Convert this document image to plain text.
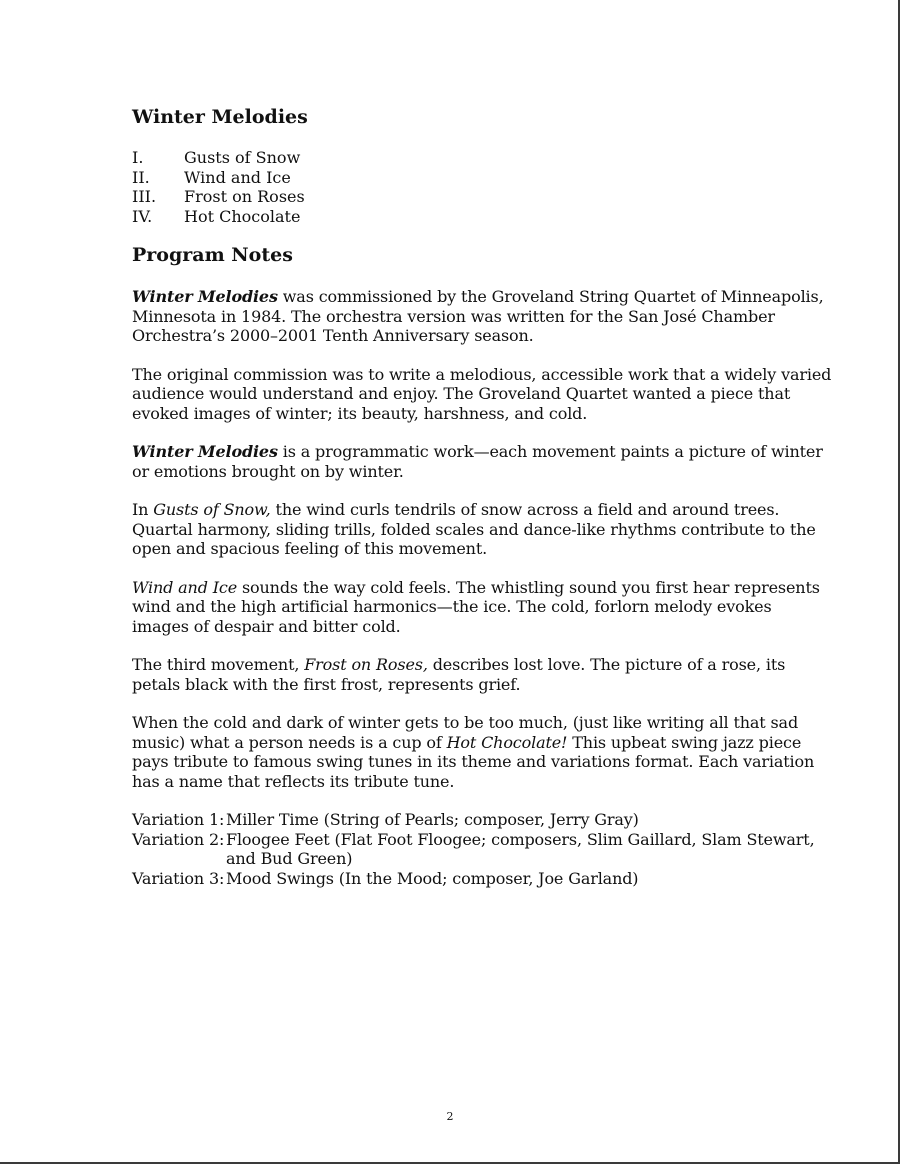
Winter Melodies
I.	Gusts of Snow
II.	Wind and Ice
III.	Frost on Roses
IV.	Hot Chocolate
Program Notes

Winter Melodies was commissioned by the Groveland String Quartet of Minneapolis, Minnesota in 1984. The orchestra version was written for the San José Chamber Orchestra’s 2000–2001 Tenth Anniversary season.

The original commission was to write a melodious, accessible work that a widely varied audience would understand and enjoy. The Groveland Quartet wanted a piece that evoked images of winter; its beauty, harshness, and cold.

Winter Melodies is a programmatic work—each movement paints a picture of winter or emotions brought on by winter.

In Gusts of Snow, the wind curls tendrils of snow across a field and around trees. Quartal harmony, sliding trills, folded scales and dance-like rhythms contribute to the open and spacious feeling of this movement.

Wind and Ice sounds the way cold feels. The whistling sound you first hear represents wind and the high artificial harmonics—the ice. The cold, forlorn melody evokes images of despair and bitter cold.

The third movement, Frost on Roses, describes lost love. The picture of a rose, its petals black with the first frost, represents grief.

When the cold and dark of winter gets to be too much, (just like writing all that sad music) what a person needs is a cup of Hot Chocolate! This upbeat swing jazz piece pays tribute to famous swing tunes in its theme and variations format. Each variation has a name that reflects its tribute tune.

Variation 1: Miller Time (String of Pearls; composer, Jerry Gray)
Variation 2: Floogee Feet (Flat Foot Floogee; composers, Slim Gaillard, Slam Stewart, and Bud Green)
Variation 3: Mood Swings (In the Mood; composer, Joe Garland)
2
